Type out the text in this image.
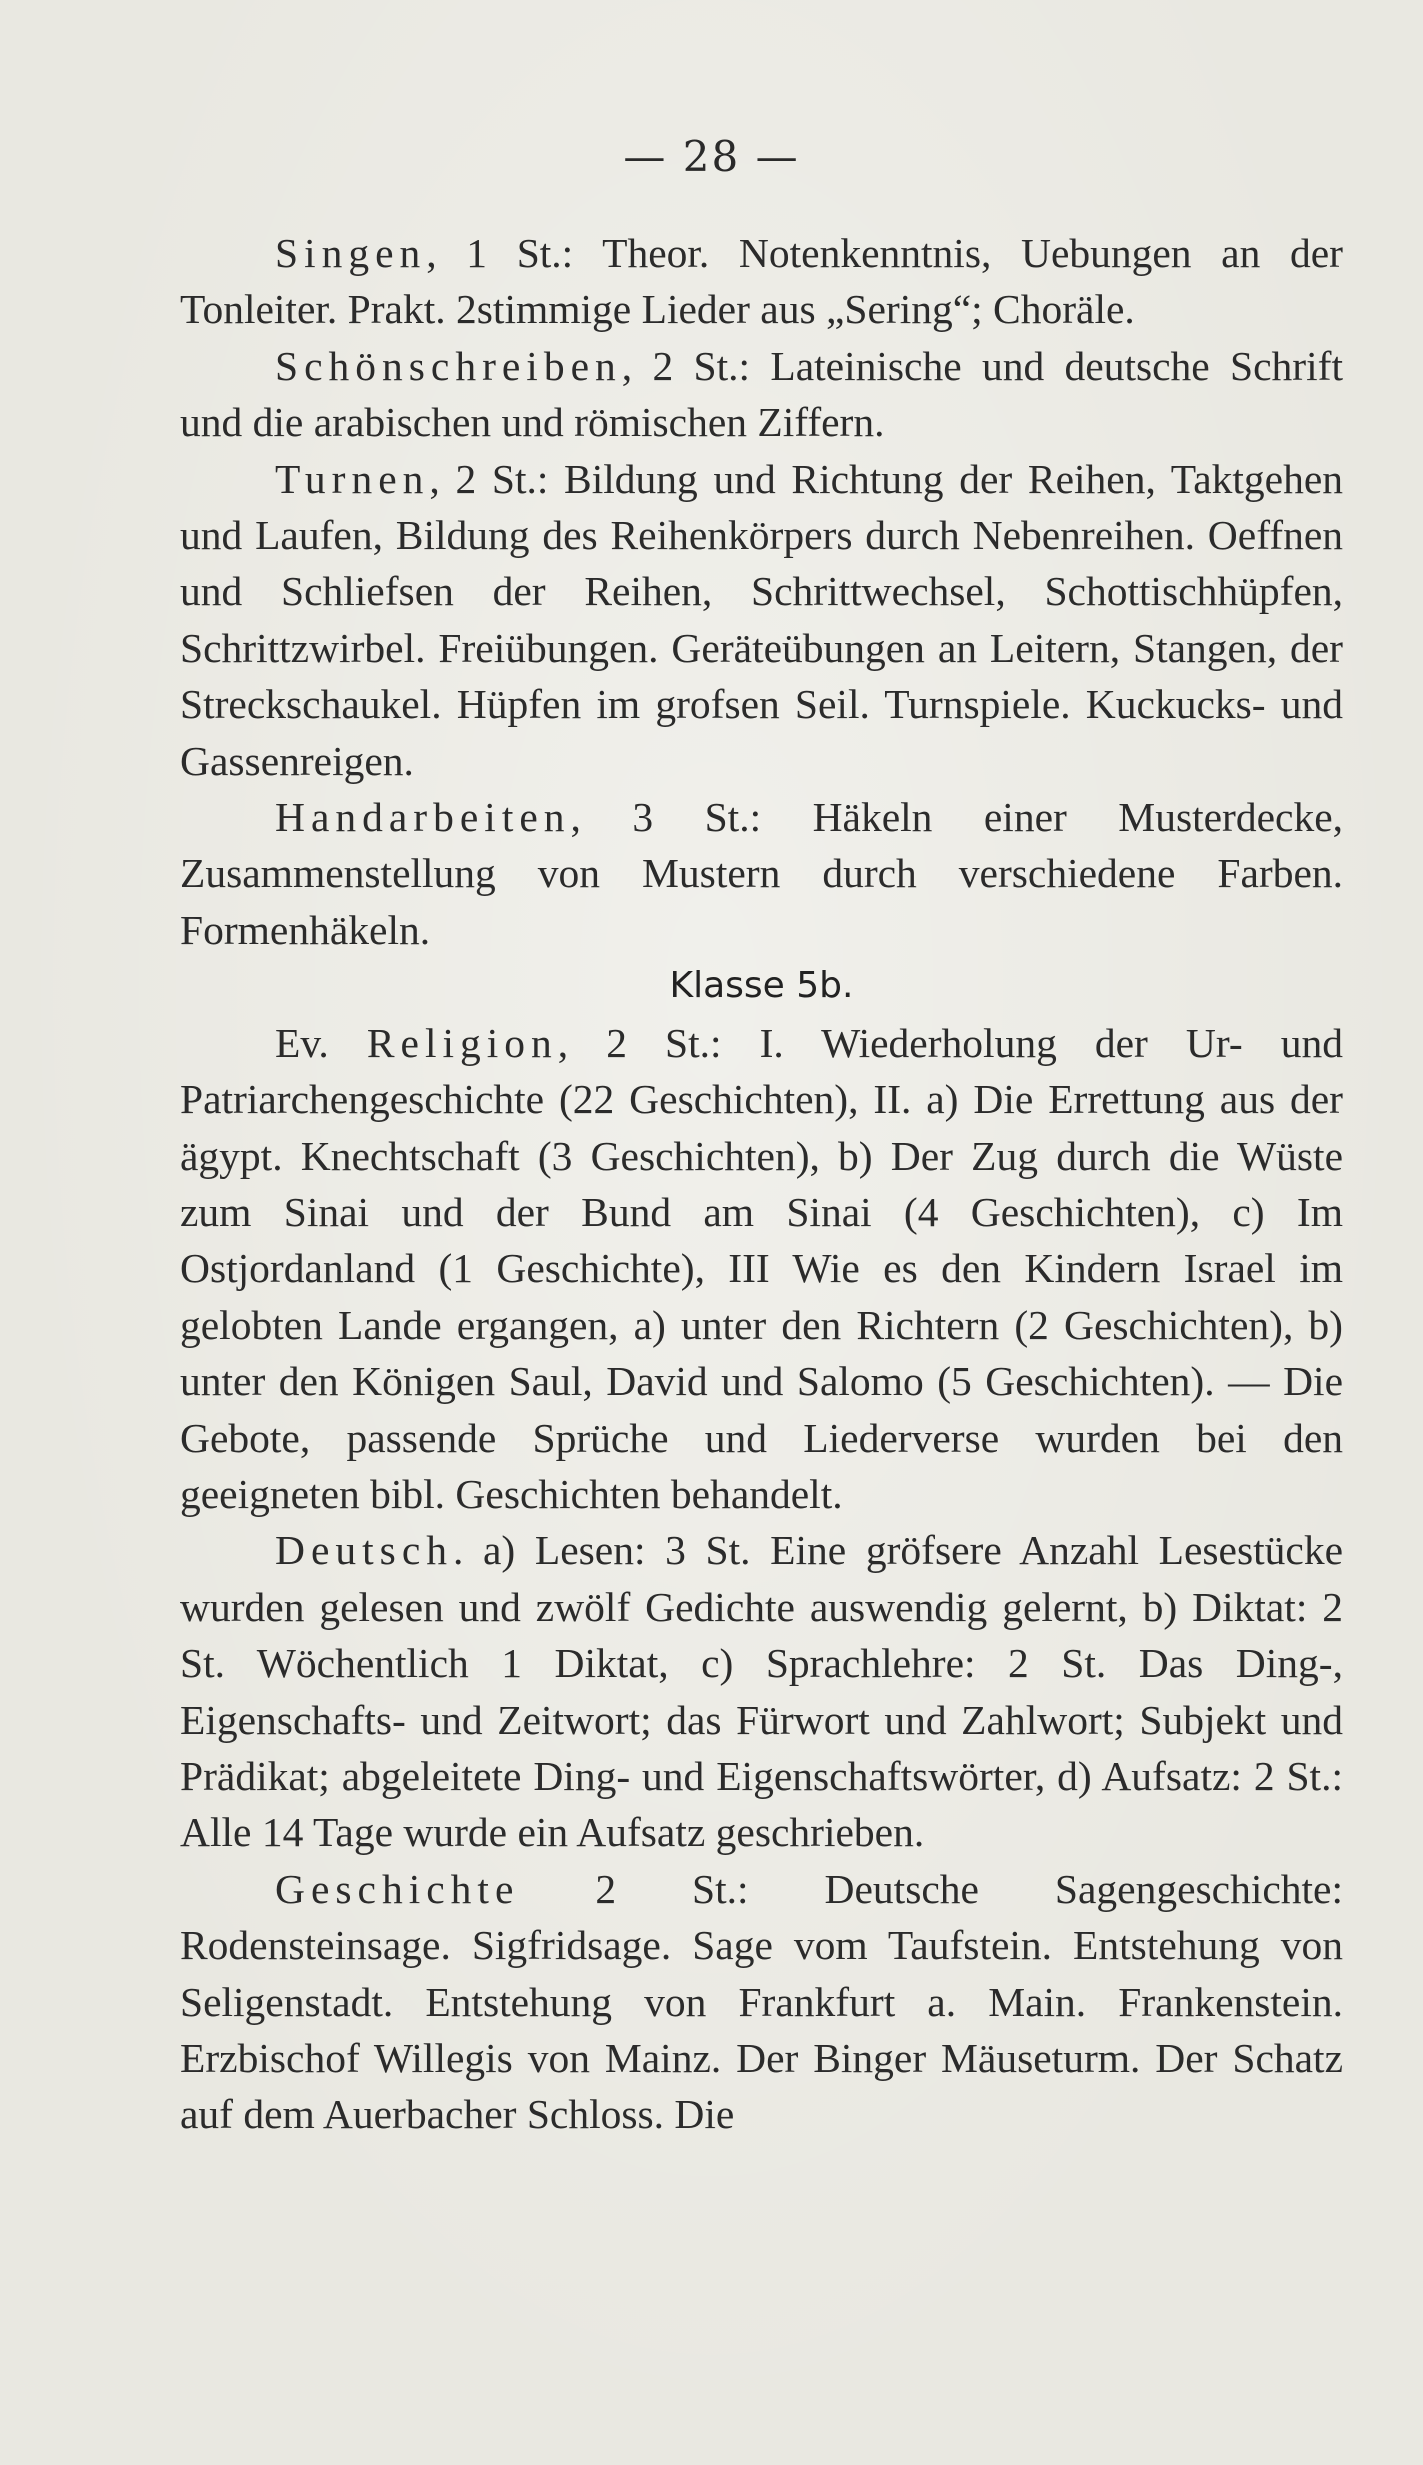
— 28 —

Singen, 1 St.: Theor. Notenkenntnis, Uebungen an der Tonleiter. Prakt. 2stimmige Lieder aus „Sering“; Choräle.

Schönschreiben, 2 St.: Lateinische und deutsche Schrift und die arabischen und römischen Ziffern.

Turnen, 2 St.: Bildung und Richtung der Reihen, Taktgehen und Laufen, Bildung des Reihenkörpers durch Nebenreihen. Oeffnen und Schliefsen der Reihen, Schrittwechsel, Schottischhüpfen, Schrittzwirbel. Freiübungen. Geräteübungen an Leitern, Stangen, der Streckschaukel. Hüpfen im grofsen Seil. Turnspiele. Kuckucks- und Gassenreigen.

Handarbeiten, 3 St.: Häkeln einer Musterdecke, Zusammenstellung von Mustern durch verschiedene Farben. Formenhäkeln.

Klasse 5b.

Ev. Religion, 2 St.: I. Wiederholung der Ur- und Patriarchengeschichte (22 Geschichten), II. a) Die Errettung aus der ägypt. Knechtschaft (3 Geschichten), b) Der Zug durch die Wüste zum Sinai und der Bund am Sinai (4 Geschichten), c) Im Ostjordanland (1 Geschichte), III Wie es den Kindern Israel im gelobten Lande ergangen, a) unter den Richtern (2 Geschichten), b) unter den Königen Saul, David und Salomo (5 Geschichten). — Die Gebote, passende Sprüche und Liederverse wurden bei den geeigneten bibl. Geschichten behandelt.

Deutsch. a) Lesen: 3 St. Eine gröfsere Anzahl Lesestücke wurden gelesen und zwölf Gedichte auswendig gelernt, b) Diktat: 2 St. Wöchentlich 1 Diktat, c) Sprachlehre: 2 St. Das Ding-, Eigenschafts- und Zeitwort; das Fürwort und Zahlwort; Subjekt und Prädikat; abgeleitete Ding- und Eigenschaftswörter, d) Aufsatz: 2 St.: Alle 14 Tage wurde ein Aufsatz geschrieben.

Geschichte 2 St.: Deutsche Sagengeschichte: Rodensteinsage. Sigfridsage. Sage vom Taufstein. Entstehung von Seligenstadt. Entstehung von Frankfurt a. Main. Frankenstein. Erzbischof Willegis von Mainz. Der Binger Mäuseturm. Der Schatz auf dem Auerbacher Schloss. Die
